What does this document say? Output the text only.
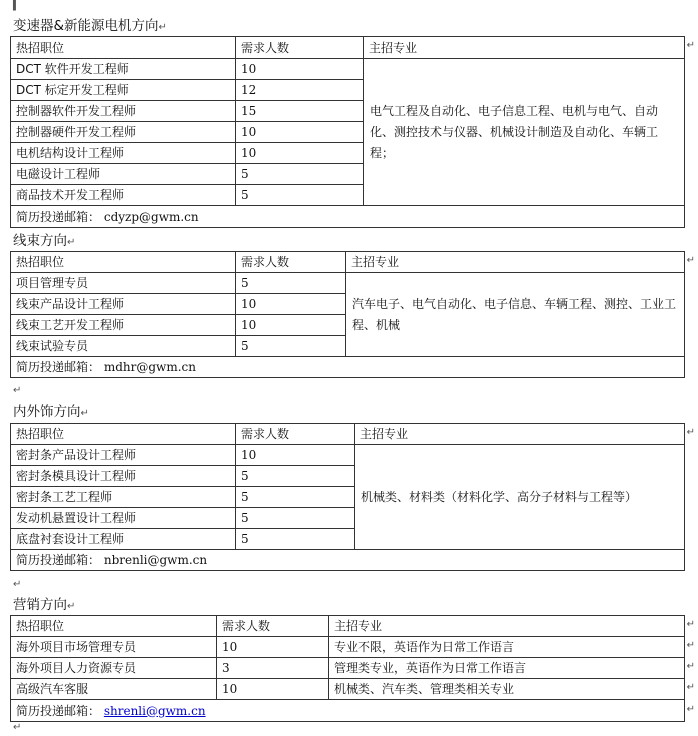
▍
变速器&新能源电机方向↵
热招职位	需求人数	主招专业
DCT 软件开发工程师	10	电气工程及自动化、电子信息工程、电机与电气、自动化、测控技术与仪器、机械设计制造及自动化、车辆工程；
DCT 标定开发工程师	12	
控制器软件开发工程师	15	
控制器硬件开发工程师	10	
电机结构设计工程师	10	
电磁设计工程师	5	
商品技术开发工程师	5	
简历投递邮箱： cdyzp@gwm.cn		
线束方向↵
热招职位	需求人数	主招专业
项目管理专员	5	汽车电子、电气自动化、电子信息、车辆工程、测控、工业工程、机械
线束产品设计工程师	10	
线束工艺开发工程师	10	
线束试验专员	5	
简历投递邮箱： mdhr@gwm.cn		
↵
内外饰方向↵
热招职位	需求人数	主招专业
密封条产品设计工程师	10	机械类、材料类（材料化学、高分子材料与工程等）
密封条模具设计工程师	5	
密封条工艺工程师	5	
发动机悬置设计工程师	5	
底盘衬套设计工程师	5	
简历投递邮箱： nbrenli@gwm.cn		
↵
营销方向↵
热招职位	需求人数	主招专业
海外项目市场管理专员	10	专业不限，英语作为日常工作语言
海外项目人力资源专员	3	管理类专业，英语作为日常工作语言
高级汽车客服	10	机械类、汽车类、管理类相关专业
简历投递邮箱： shrenli@gwm.cn		
↵
↵
↵
↵
↵
↵
↵
↵
↵
